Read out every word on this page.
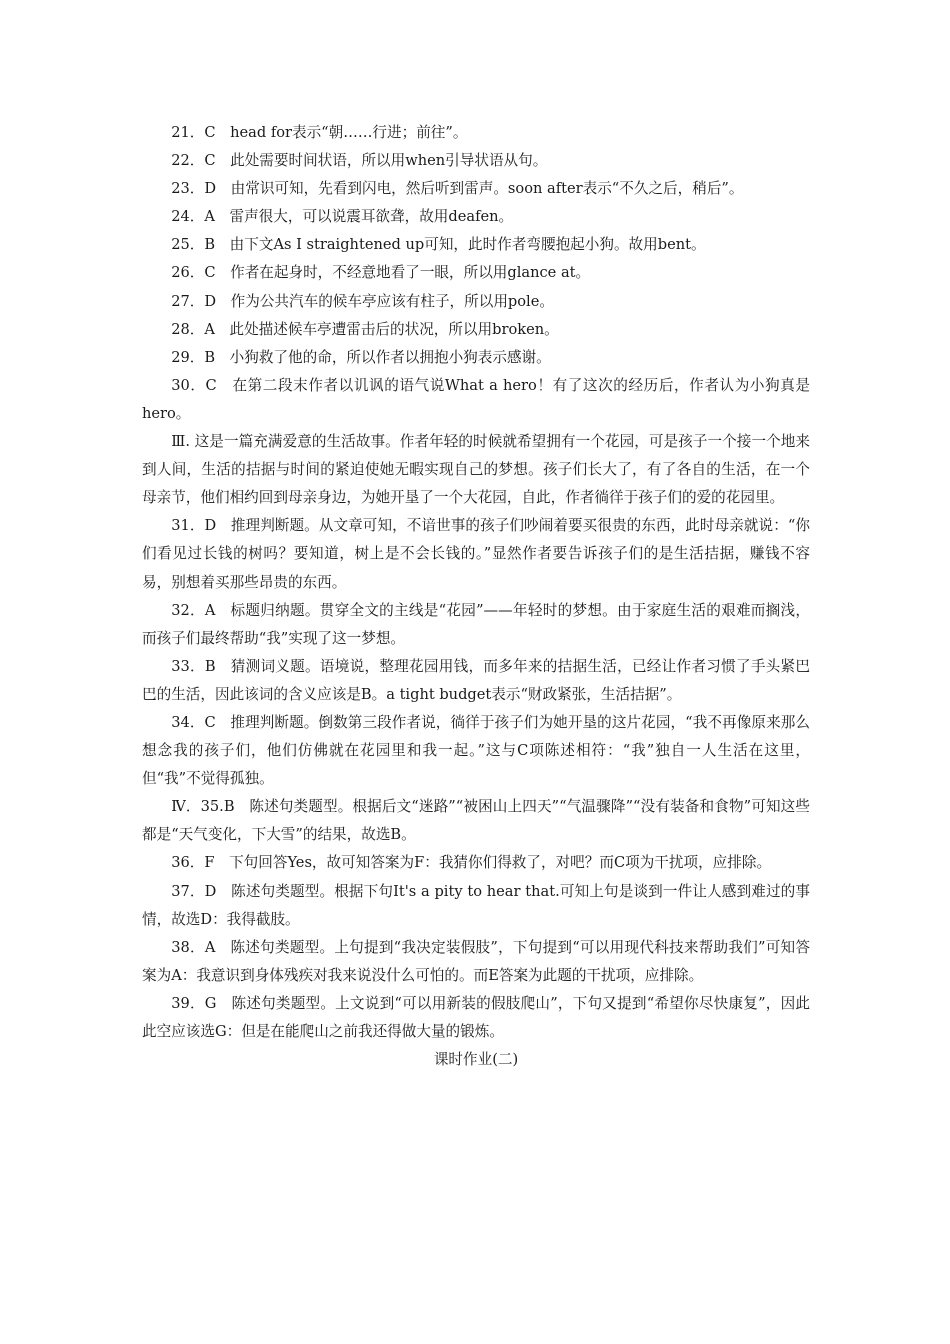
21．C　head for表示“朝……行进；前往”。

22．C　此处需要时间状语，所以用when引导状语从句。

23．D　由常识可知，先看到闪电，然后听到雷声。soon after表示“不久之后，稍后”。

24．A　雷声很大，可以说震耳欲聋，故用deafen。

25．B　由下文As I straightened up可知，此时作者弯腰抱起小狗。故用bent。

26．C　作者在起身时，不经意地看了一眼，所以用glance at。

27．D　作为公共汽车的候车亭应该有柱子，所以用pole。

28．A　此处描述候车亭遭雷击后的状况，所以用broken。

29．B　小狗救了他的命，所以作者以拥抱小狗表示感谢。

30．C　在第二段末作者以讥讽的语气说What a hero！有了这次的经历后，作者认为小狗真是hero。

Ⅲ. 这是一篇充满爱意的生活故事。作者年轻的时候就希望拥有一个花园，可是孩子一个接一个地来到人间，生活的拮据与时间的紧迫使她无暇实现自己的梦想。孩子们长大了，有了各自的生活，在一个母亲节，他们相约回到母亲身边，为她开垦了一个大花园，自此，作者徜徉于孩子们的爱的花园里。

31．D　推理判断题。从文章可知，不谙世事的孩子们吵闹着要买很贵的东西，此时母亲就说：“你们看见过长钱的树吗？要知道，树上是不会长钱的。”显然作者要告诉孩子们的是生活拮据，赚钱不容易，别想着买那些昂贵的东西。

32．A　标题归纳题。贯穿全文的主线是“花园”——年轻时的梦想。由于家庭生活的艰难而搁浅，而孩子们最终帮助“我”实现了这一梦想。

33．B　猜测词义题。语境说，整理花园用钱，而多年来的拮据生活，已经让作者习惯了手头紧巴巴的生活，因此该词的含义应该是B。a tight budget表示“财政紧张，生活拮据”。

34．C　推理判断题。倒数第三段作者说，徜徉于孩子们为她开垦的这片花园，“我不再像原来那么想念我的孩子们，他们仿佛就在花园里和我一起。”这与C项陈述相符：“我”独自一人生活在这里，但“我”不觉得孤独。

Ⅳ．35.B　陈述句类题型。根据后文“迷路”“被困山上四天”“气温骤降”“没有装备和食物”可知这些都是“天气变化，下大雪”的结果，故选B。

36．F　下句回答Yes，故可知答案为F：我猜你们得救了，对吧？而C项为干扰项，应排除。

37．D　陈述句类题型。根据下句It's a pity to hear that.可知上句是谈到一件让人感到难过的事情，故选D：我得截肢。

38．A　陈述句类题型。上句提到“我决定装假肢”，下句提到“可以用现代科技来帮助我们”可知答案为A：我意识到身体残疾对我来说没什么可怕的。而E答案为此题的干扰项，应排除。

39．G　陈述句类题型。上文说到“可以用新装的假肢爬山”，下句又提到“希望你尽快康复”，因此此空应该选G：但是在能爬山之前我还得做大量的锻炼。

课时作业(二)
